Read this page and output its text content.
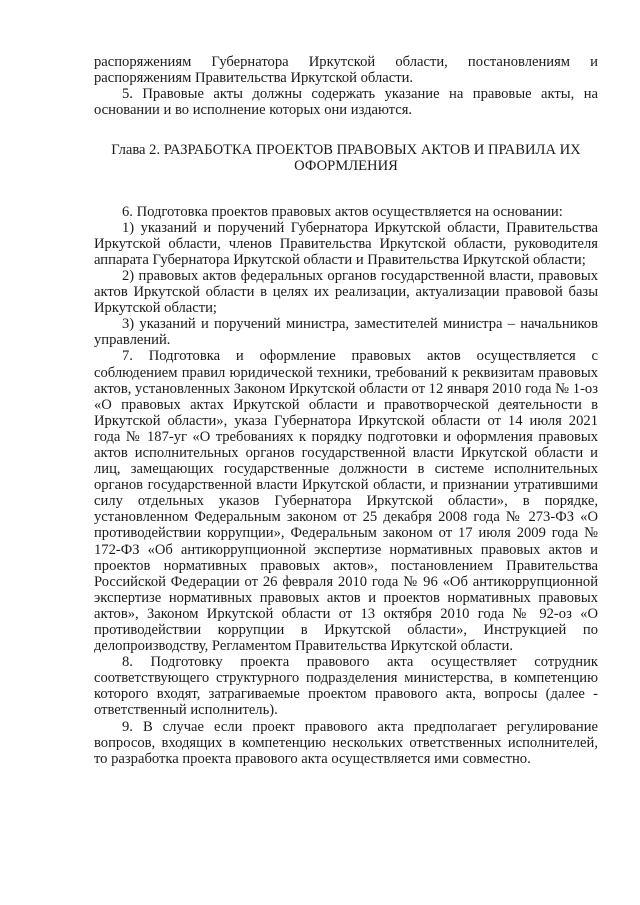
распоряжениям Губернатора Иркутской области, постановлениям и распоряжениям Правительства Иркутской области.

5. Правовые акты должны содержать указание на правовые акты, на основании и во исполнение которых они издаются.

Глава 2. РАЗРАБОТКА ПРОЕКТОВ ПРАВОВЫХ АКТОВ И ПРАВИЛА ИХ ОФОРМЛЕНИЯ

6. Подготовка проектов правовых актов осуществляется на основании:

1) указаний и поручений Губернатора Иркутской области, Правительства Иркутской области, членов Правительства Иркутской области, руководителя аппарата Губернатора Иркутской области и Правительства Иркутской области;

2) правовых актов федеральных органов государственной власти, правовых актов Иркутской области в целях их реализации, актуализации правовой базы Иркутской области;

3) указаний и поручений министра, заместителей министра – начальников управлений.

7. Подготовка и оформление правовых актов осуществляется с соблюдением правил юридической техники, требований к реквизитам правовых актов, установленных Законом Иркутской области от 12 января 2010 года № 1-оз «О правовых актах Иркутской области и правотворческой деятельности в Иркутской области», указа Губернатора Иркутской области от 14 июля 2021 года № 187-уг «О требованиях к порядку подготовки и оформления правовых актов исполнительных органов государственной власти Иркутской области и лиц, замещающих государственные должности в системе исполнительных органов государственной власти Иркутской области, и признании утратившими силу отдельных указов Губернатора Иркутской области», в порядке, установленном Федеральным законом от 25 декабря 2008 года № 273-ФЗ «О противодействии коррупции», Федеральным законом от 17 июля 2009 года № 172-ФЗ «Об антикоррупционной экспертизе нормативных правовых актов и проектов нормативных правовых актов», постановлением Правительства Российской Федерации от 26 февраля 2010 года № 96 «Об антикоррупционной экспертизе нормативных правовых актов и проектов нормативных правовых актов», Законом Иркутской области от 13 октября 2010 года № 92-оз «О противодействии коррупции в Иркутской области», Инструкцией по делопроизводству, Регламентом Правительства Иркутской области.

8. Подготовку проекта правового акта осуществляет сотрудник соответствующего структурного подразделения министерства, в компетенцию которого входят, затрагиваемые проектом правового акта, вопросы (далее - ответственный исполнитель).

9. В случае если проект правового акта предполагает регулирование вопросов, входящих в компетенцию нескольких ответственных исполнителей, то разработка проекта правового акта осуществляется ими совместно.
